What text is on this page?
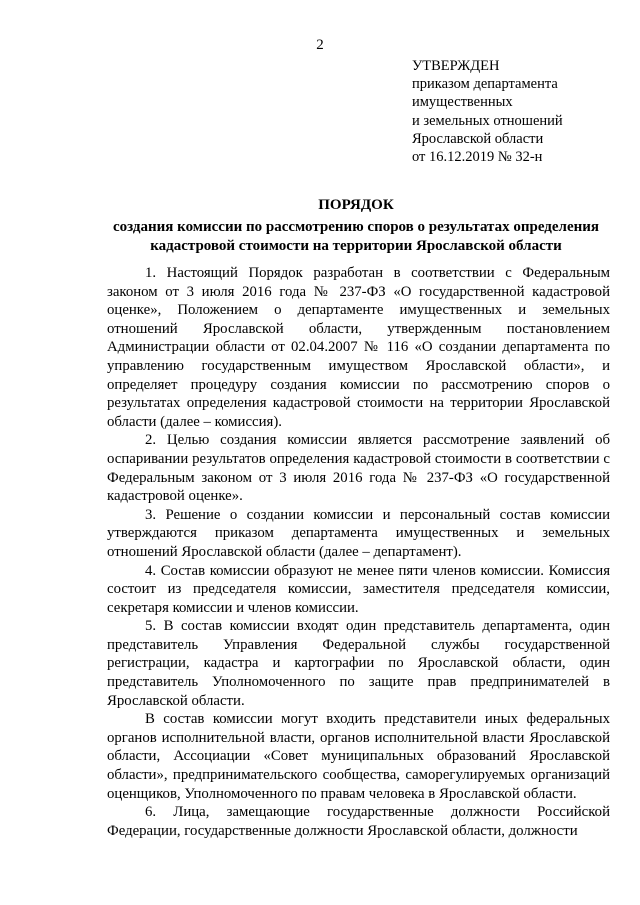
2
УТВЕРЖДЕН
приказом департамента
имущественных
и земельных отношений
Ярославской области
от 16.12.2019 № 32-н
ПОРЯДОК
создания комиссии по рассмотрению споров о результатах определения
кадастровой стоимости на территории Ярославской области

1. Настоящий Порядок разработан в соответствии с Федеральным законом от 3 июля 2016 года № 237-ФЗ «О государственной кадастровой оценке», Положением о департаменте имущественных и земельных отношений Ярославской области, утвержденным постановлением Администрации области от 02.04.2007 № 116 «О создании департамента по управлению государственным имуществом Ярославской области», и определяет процедуру создания комиссии по рассмотрению споров о результатах определения кадастровой стоимости на территории Ярославской области (далее – комиссия).

2. Целью создания комиссии является рассмотрение заявлений об оспаривании результатов определения кадастровой стоимости в соответствии с Федеральным законом от 3 июля 2016 года № 237-ФЗ «О государственной кадастровой оценке».

3. Решение о создании комиссии и персональный состав комиссии утверждаются приказом департамента имущественных и земельных отношений Ярославской области (далее – департамент).

4. Состав комиссии образуют не менее пяти членов комиссии. Комиссия состоит из председателя комиссии, заместителя председателя комиссии, секретаря комиссии и членов комиссии.

5. В состав комиссии входят один представитель департамента, один представитель Управления Федеральной службы государственной регистрации, кадастра и картографии по Ярославской области, один представитель Уполномоченного по защите прав предпринимателей в Ярославской области.

В состав комиссии могут входить представители иных федеральных органов исполнительной власти, органов исполнительной власти Ярославской области, Ассоциации «Совет муниципальных образований Ярославской области», предпринимательского сообщества, саморегулируемых организаций оценщиков, Уполномоченного по правам человека в Ярославской области.

6. Лица, замещающие государственные должности Российской Федерации, государственные должности Ярославской области, должности
